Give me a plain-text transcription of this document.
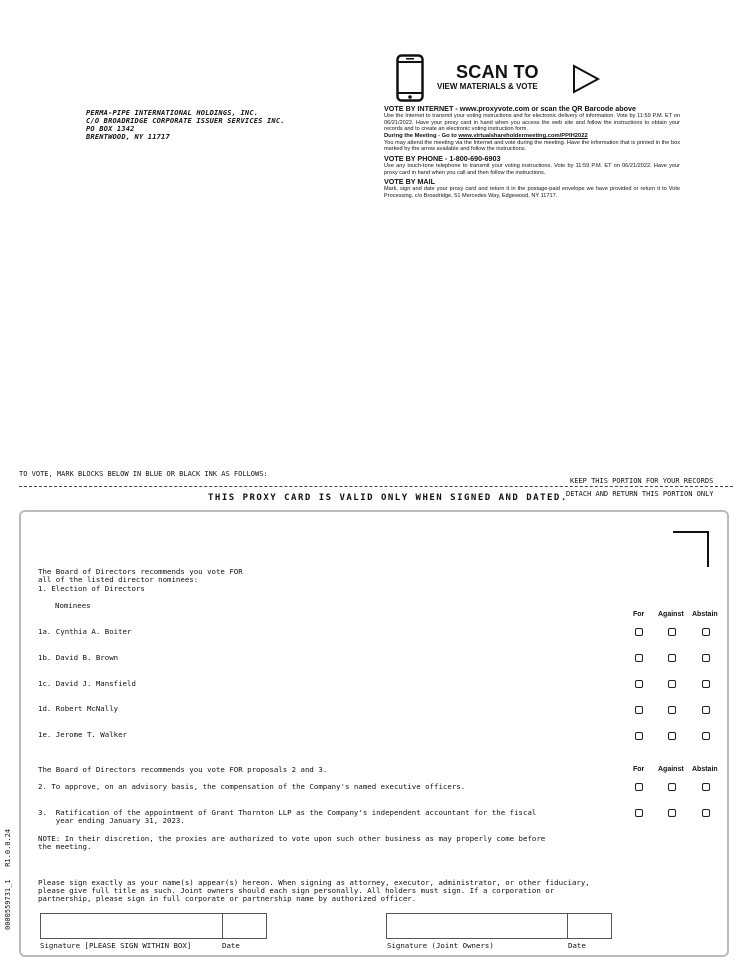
PERMA-PIPE INTERNATIONAL HOLDINGS, INC.
C/O BROADRIDGE CORPORATE ISSUER SERVICES INC.
PO BOX 1342
BRENTWOOD, NY 11717
SCAN TO
VIEW MATERIALS & VOTE
VOTE BY INTERNET - www.proxyvote.com or scan the QR Barcode above

Use the Internet to transmit your voting instructions and for electronic delivery of information. Vote by 11:59 P.M. ET on 06/21/2022. Have your proxy card in hand when you access the web site and follow the instructions to obtain your records and to create an electronic voting instruction form.

During the Meeting - Go to www.virtualshareholdermeeting.com/PPIH2022

You may attend the meeting via the Internet and vote during the meeting. Have the information that is printed in the box marked by the arrow available and follow the instructions.

VOTE BY PHONE - 1-800-690-6903

Use any touch-tone telephone to transmit your voting instructions. Vote by 11:59 P.M. ET on 06/21/2022. Have your proxy card in hand when you call and then follow the instructions.

VOTE BY MAIL

Mark, sign and date your proxy card and return it in the postage-paid envelope we have provided or return it to Vote Processing, c/o Broadridge, 51 Mercedes Way, Edgewood, NY 11717.

TO VOTE, MARK BLOCKS BELOW IN BLUE OR BLACK INK AS FOLLOWS:
KEEP THIS PORTION FOR YOUR RECORDS
THIS PROXY CARD IS VALID ONLY WHEN SIGNED AND DATED.
DETACH AND RETURN THIS PORTION ONLY
The Board of Directors recommends you vote FOR
all of the listed director nominees:
1. Election of Directors
Nominees
For Against Abstain
1a. Cynthia A. Boiter
1b. David B. Brown
1c. David J. Mansfield
1d. Robert McNally
1e. Jerome T. Walker
The Board of Directors recommends you vote FOR proposals 2 and 3.	For Against Abstain
2. To approve, on an advisory basis, the compensation of the Company's named executive officers.
3.  Ratification of the appointment of Grant Thornton LLP as the Company's independent accountant for the fiscal
year ending January 31, 2023.
NOTE: In their discretion, the proxies are authorized to vote upon such other business as may properly come before
the meeting.
Please sign exactly as your name(s) appear(s) hereon. When signing as attorney, executor, administrator, or other fiduciary,
please give full title as such. Joint owners should each sign personally. All holders must sign. If a corporation or
partnership, please sign in full corporate or partnership name by authorized officer.
Signature [PLEASE SIGN WITHIN BOX]	Date	Signature (Joint Owners)	Date
0000559731_1   R1.0.0.24
